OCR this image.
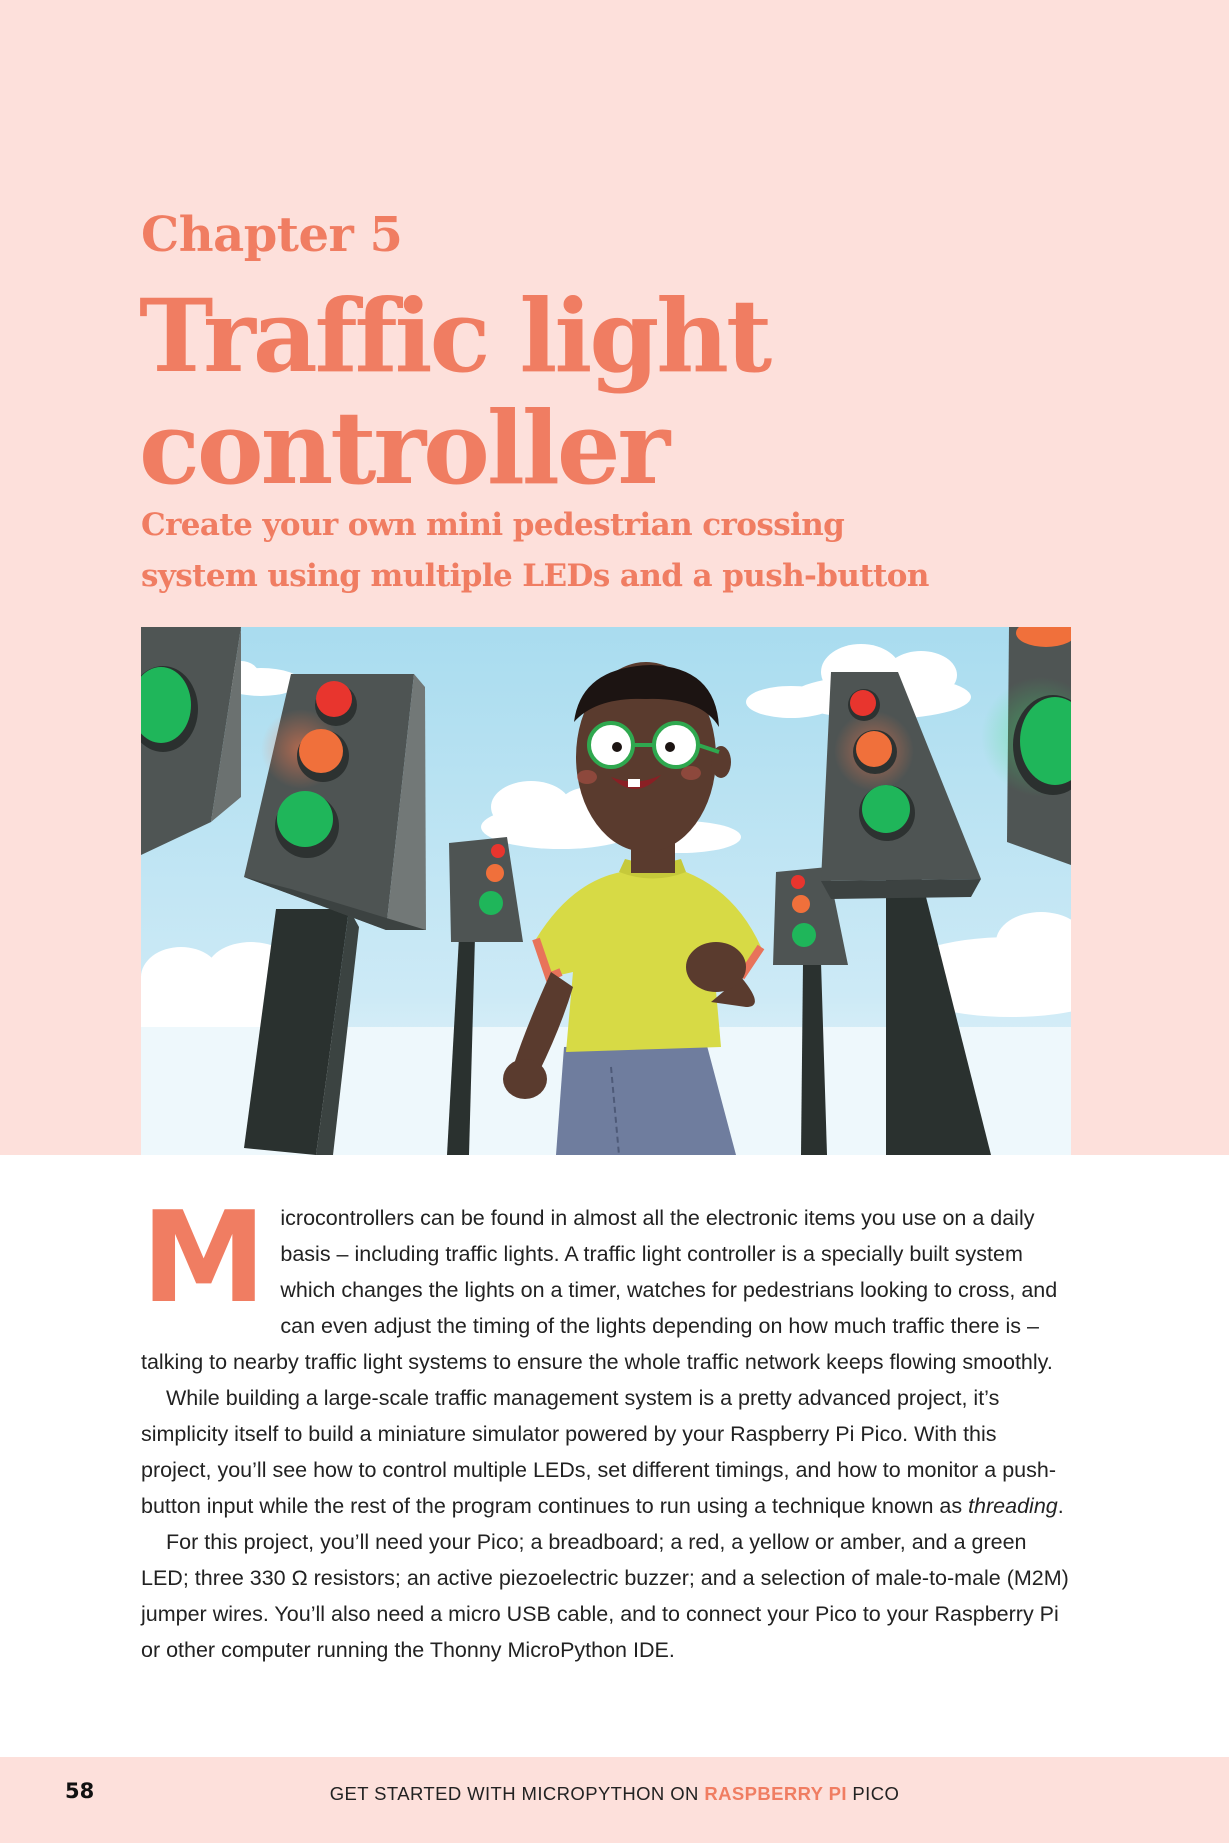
Chapter 5
Traffic light controller
Create your own mini pedestrian crossing system using multiple LEDs and a push-button

Microcontrollers can be found in almost all the electronic items you use on a daily basis – including traffic lights. A traffic light controller is a specially built system which changes the lights on a timer, watches for pedestrians looking to cross, and can even adjust the timing of the lights depending on how much traffic there is – talking to nearby traffic light systems to ensure the whole traffic network keeps flowing smoothly.

While building a large-scale traffic management system is a pretty advanced project, it’s simplicity itself to build a miniature simulator powered by your Raspberry Pi Pico. With this project, you’ll see how to control multiple LEDs, set different timings, and how to monitor a push-button input while the rest of the program continues to run using a technique known as threading.

For this project, you’ll need your Pico; a breadboard; a red, a yellow or amber, and a green LED; three 330 Ω resistors; an active piezoelectric buzzer; and a selection of male-to-male (M2M) jumper wires. You’ll also need a micro USB cable, and to connect your Pico to your Raspberry Pi or other computer running the Thonny MicroPython IDE.

58	GET STARTED WITH MICROPYTHON ON RASPBERRY PI PICO
